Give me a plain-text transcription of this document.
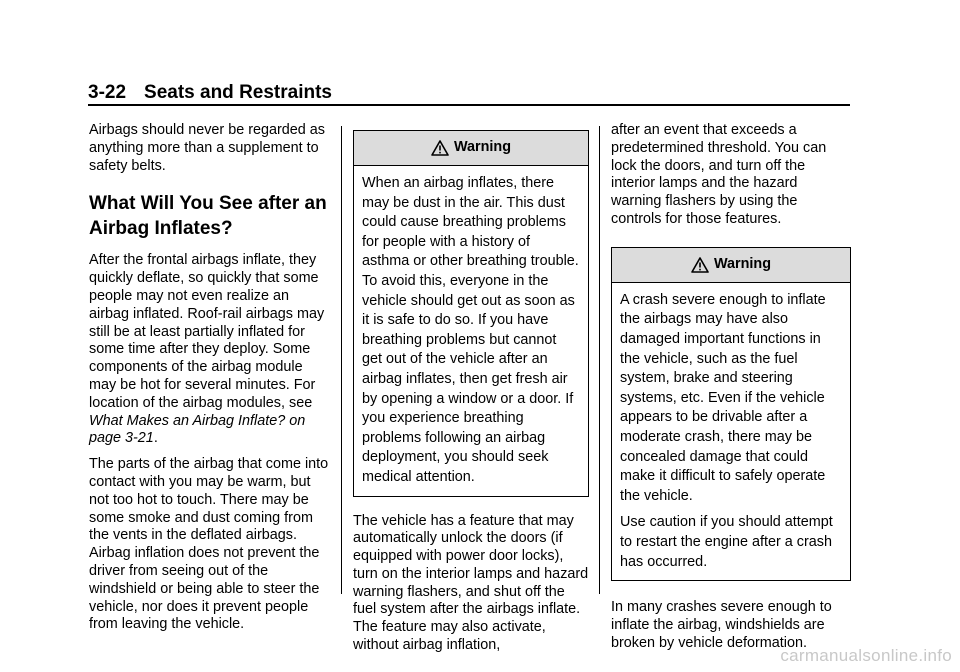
3-22 Seats and Restraints

Airbags should never be regarded as anything more than a supplement to safety belts.

What Will You See after an Airbag Inflates?

After the frontal airbags inflate, they quickly deflate, so quickly that some people may not even realize an airbag inflated. Roof-rail airbags may still be at least partially inflated for some time after they deploy. Some components of the airbag module may be hot for several minutes. For location of the airbag modules, see What Makes an Airbag Inflate? on page 3-21.

The parts of the airbag that come into contact with you may be warm, but not too hot to touch. There may be some smoke and dust coming from the vents in the deflated airbags. Airbag inflation does not prevent the driver from seeing out of the windshield or being able to steer the vehicle, nor does it prevent people from leaving the vehicle.

Warning

When an airbag inflates, there may be dust in the air. This dust could cause breathing problems for people with a history of asthma or other breathing trouble. To avoid this, everyone in the vehicle should get out as soon as it is safe to do so. If you have breathing problems but cannot get out of the vehicle after an airbag inflates, then get fresh air by opening a window or a door. If you experience breathing problems following an airbag deployment, you should seek medical attention.

The vehicle has a feature that may automatically unlock the doors (if equipped with power door locks), turn on the interior lamps and hazard warning flashers, and shut off the fuel system after the airbags inflate. The feature may also activate, without airbag inflation,

after an event that exceeds a predetermined threshold. You can lock the doors, and turn off the interior lamps and the hazard warning flashers by using the controls for those features.

Warning

A crash severe enough to inflate the airbags may have also damaged important functions in the vehicle, such as the fuel system, brake and steering systems, etc. Even if the vehicle appears to be drivable after a moderate crash, there may be concealed damage that could make it difficult to safely operate the vehicle.

Use caution if you should attempt to restart the engine after a crash has occurred.

In many crashes severe enough to inflate the airbag, windshields are broken by vehicle deformation.

carmanualsonline.info
